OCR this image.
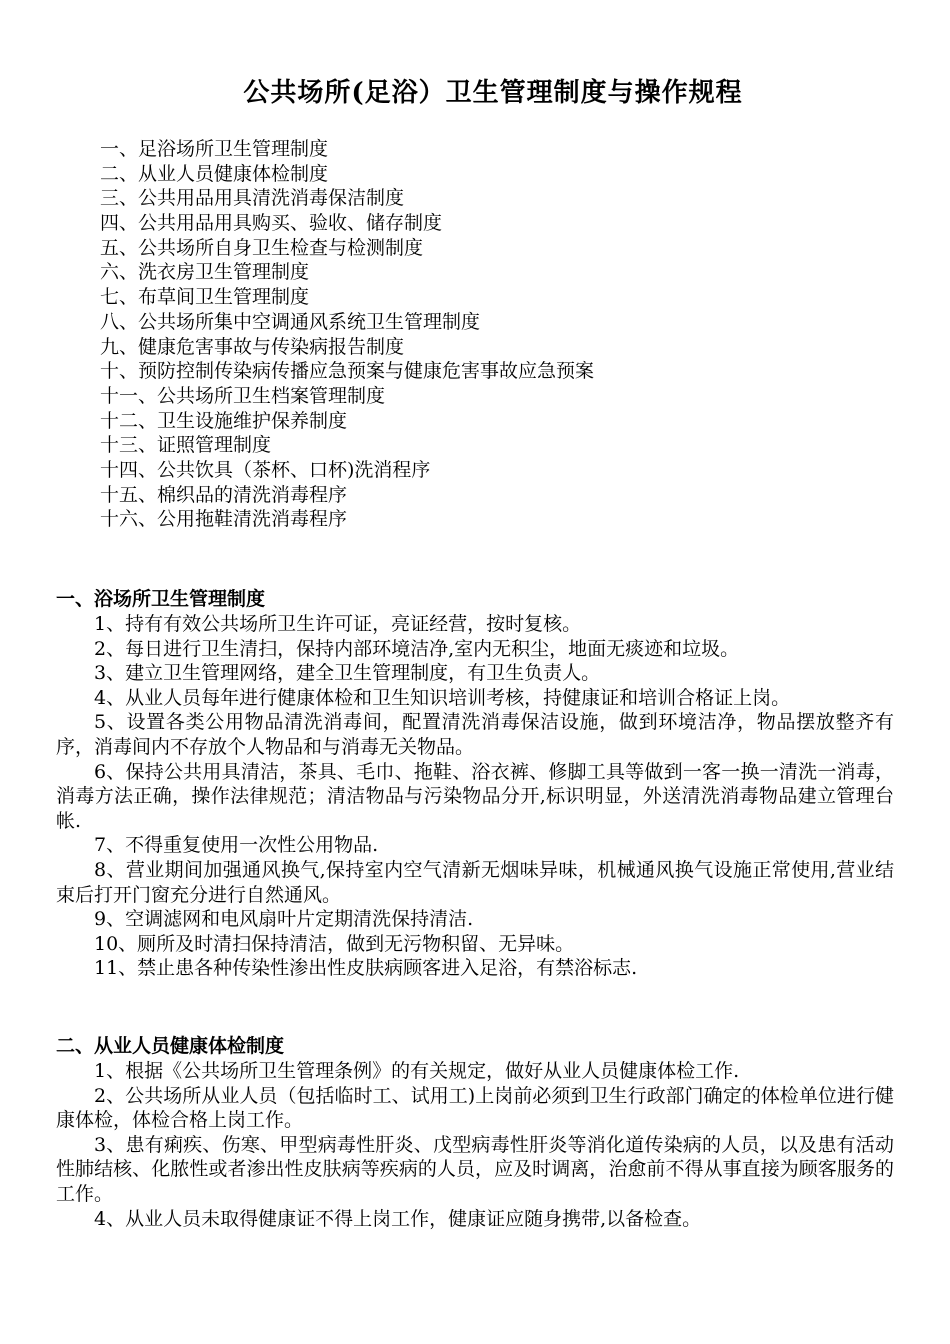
公共场所(足浴）卫生管理制度与操作规程
一、足浴场所卫生管理制度
二、从业人员健康体检制度
三、公共用品用具清洗消毒保洁制度
四、公共用品用具购买、验收、储存制度
五、公共场所自身卫生检查与检测制度
六、洗衣房卫生管理制度
七、布草间卫生管理制度
八、公共场所集中空调通风系统卫生管理制度
九、健康危害事故与传染病报告制度
十、预防控制传染病传播应急预案与健康危害事故应急预案
十一、公共场所卫生档案管理制度
十二、卫生设施维护保养制度
十三、证照管理制度
十四、公共饮具（茶杯、口杯)洗消程序
十五、棉织品的清洗消毒程序
十六、公用拖鞋清洗消毒程序
一、浴场所卫生管理制度

1、持有有效公共场所卫生许可证，亮证经营，按时复核。

2、每日进行卫生清扫，保持内部环境洁净,室内无积尘，地面无痰迹和垃圾。

3、建立卫生管理网络，建全卫生管理制度，有卫生负责人。

4、从业人员每年进行健康体检和卫生知识培训考核，持健康证和培训合格证上岗。

5、设置各类公用物品清洗消毒间，配置清洗消毒保洁设施，做到环境洁净，物品摆放整齐有序，消毒间内不存放个人物品和与消毒无关物品。

6、保持公共用具清洁，茶具、毛巾、拖鞋、浴衣裤、修脚工具等做到一客一换一清洗一消毒，消毒方法正确，操作法律规范；清洁物品与污染物品分开,标识明显，外送清洗消毒物品建立管理台帐.

7、不得重复使用一次性公用物品.

8、营业期间加强通风换气,保持室内空气清新无烟味异味，机械通风换气设施正常使用,营业结束后打开门窗充分进行自然通风。

9、空调滤网和电风扇叶片定期清洗保持清洁.

10、厕所及时清扫保持清洁，做到无污物积留、无异味。

11、禁止患各种传染性渗出性皮肤病顾客进入足浴，有禁浴标志.

二、从业人员健康体检制度

1、根据《公共场所卫生管理条例》的有关规定，做好从业人员健康体检工作.

2、公共场所从业人员（包括临时工、试用工)上岗前必须到卫生行政部门确定的体检单位进行健康体检，体检合格上岗工作。

3、患有痢疾、伤寒、甲型病毒性肝炎、戊型病毒性肝炎等消化道传染病的人员，以及患有活动性肺结核、化脓性或者渗出性皮肤病等疾病的人员，应及时调离，治愈前不得从事直接为顾客服务的工作。

4、从业人员未取得健康证不得上岗工作，健康证应随身携带,以备检查。
